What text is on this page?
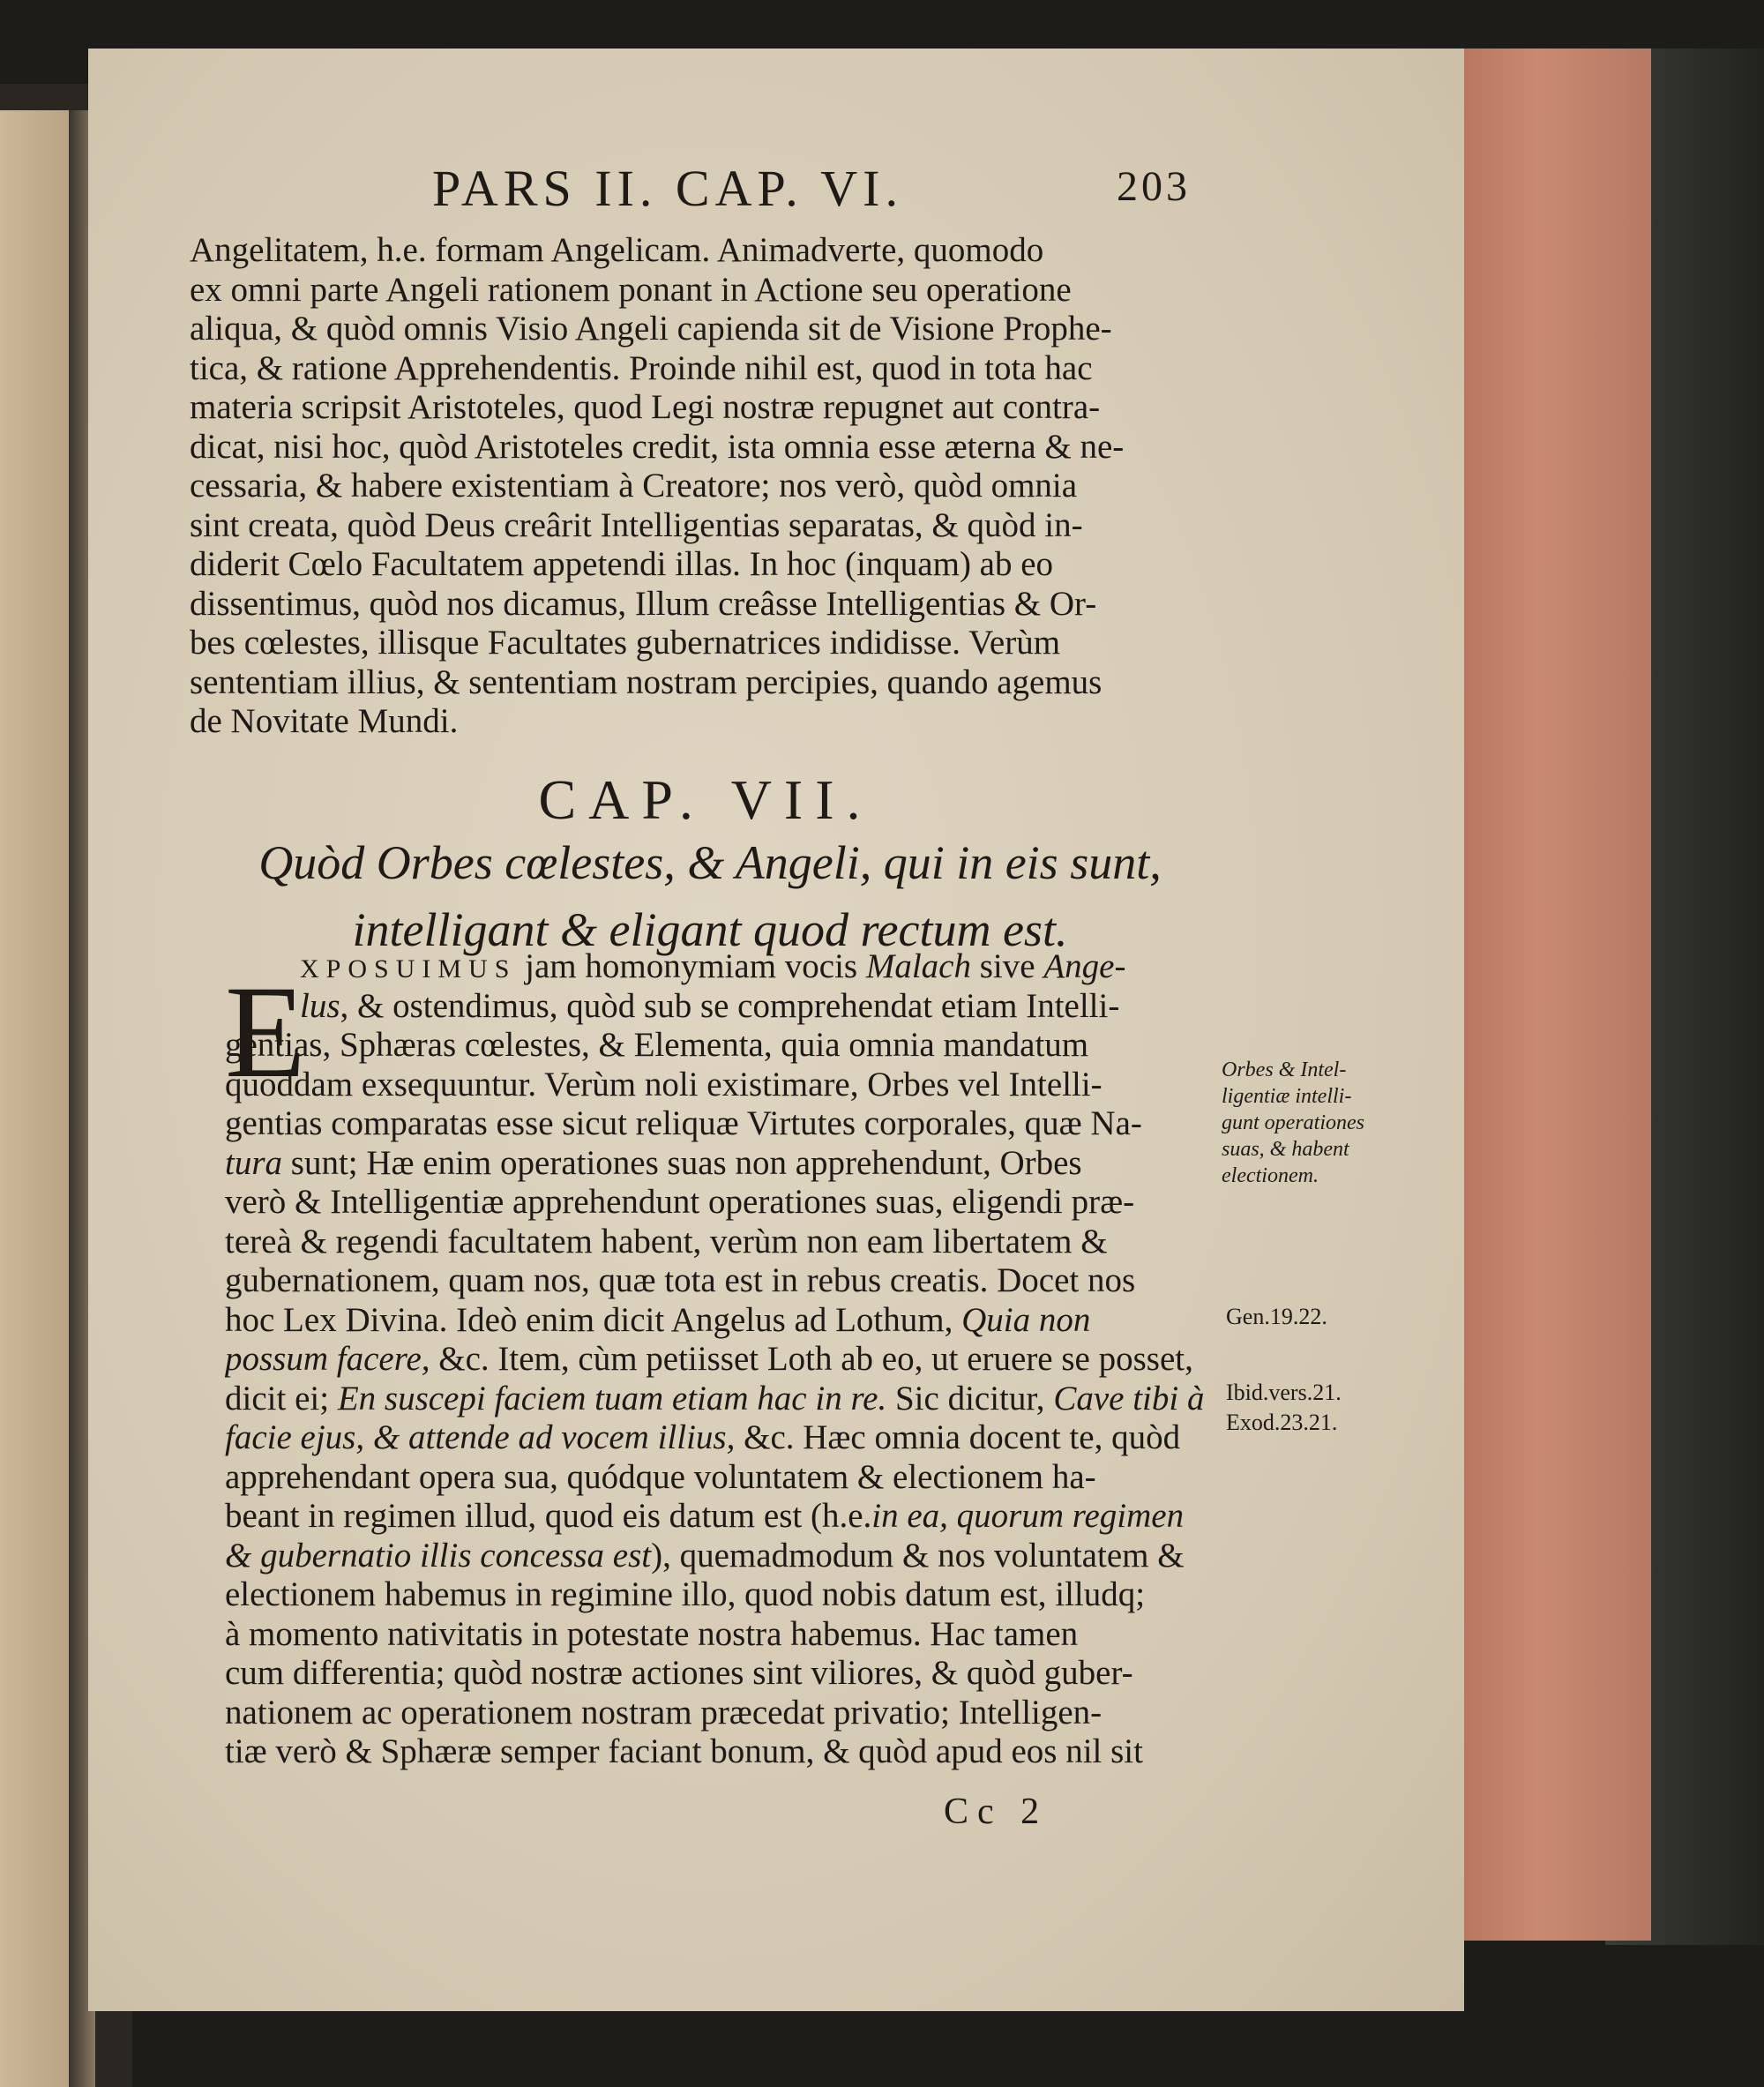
PARS II. CAP. VI.	203
Angelitatem, h.e. formam Angelicam. Animadverte, quomodo
ex omni parte Angeli rationem ponant in Actione seu operatione
aliqua, & quòd omnis Visio Angeli capienda sit de Visione Prophe-
tica, & ratione Apprehendentis. Proinde nihil est, quod in tota hac
materia scripsit Aristoteles, quod Legi nostræ repugnet aut contra-
dicat, nisi hoc, quòd Aristoteles credit, ista omnia esse æterna & ne-
cessaria, & habere existentiam à Creatore; nos verò, quòd omnia
sint creata, quòd Deus creârit Intelligentias separatas, & quòd in-
diderit Cœlo Facultatem appetendi illas. In hoc (inquam) ab eo
dissentimus, quòd nos dicamus, Illum creâsse Intelligentias & Or-
bes cœlestes, illisque Facultates gubernatrices indidisse. Verùm
sententiam illius, & sententiam nostram percipies, quando agemus
de Novitate Mundi.
CAP. VII.
Quòd Orbes cœlestes, & Angeli, qui in eis sunt,
intelligant & eligant quod rectum est.
E
XPOSUIMUS jam homonymiam vocis Malach sive Ange-
lus, & ostendimus, quòd sub se comprehendat etiam Intelli-
gentias, Sphæras cœlestes, & Elementa, quia omnia mandatum
quoddam exsequuntur. Verùm noli existimare, Orbes vel Intelli-
gentias comparatas esse sicut reliquæ Virtutes corporales, quæ Na-
tura sunt; Hæ enim operationes suas non apprehendunt, Orbes
verò & Intelligentiæ apprehendunt operationes suas, eligendi præ-
tereà & regendi facultatem habent, verùm non eam libertatem &
gubernationem, quam nos, quæ tota est in rebus creatis. Docet nos
hoc Lex Divina. Ideò enim dicit Angelus ad Lothum, Quia non
possum facere, &c. Item, cùm petiisset Loth ab eo, ut eruere se posset,
dicit ei; En suscepi faciem tuam etiam hac in re. Sic dicitur, Cave tibi à
facie ejus, & attende ad vocem illius, &c. Hæc omnia docent te, quòd
apprehendant opera sua, quódque voluntatem & electionem ha-
beant in regimen illud, quod eis datum est (h.e.in ea, quorum regimen
& gubernatio illis concessa est), quemadmodum & nos voluntatem &
electionem habemus in regimine illo, quod nobis datum est, illudq;
à momento nativitatis in potestate nostra habemus. Hac tamen
cum differentia; quòd nostræ actiones sint viliores, & quòd guber-
nationem ac operationem nostram præcedat privatio; Intelligen-
tiæ verò & Sphæræ semper faciant bonum, & quòd apud eos nil sit
Orbes & Intel-
ligentiæ intelli-
gunt operationes
suas, & habent
electionem.
Gen.19.22.
Ibid.vers.21.
Exod.23.21.
Cc 2
